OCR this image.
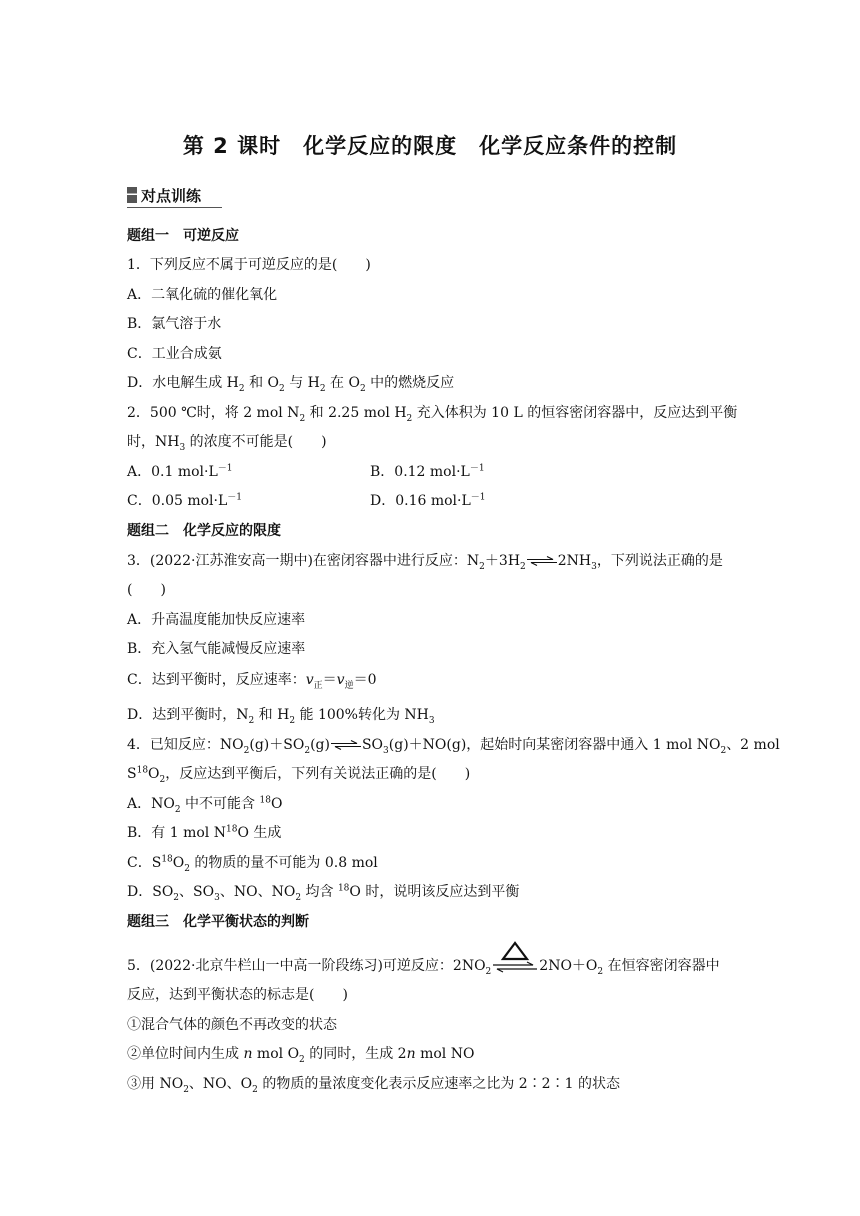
第 2 课时 化学反应的限度 化学反应条件的控制
对点训练
题组一　可逆反应
1．下列反应不属于可逆反应的是(　　)
A．二氧化硫的催化氧化
B．氯气溶于水
C．工业合成氨
D．水电解生成 $H_2$ 和 $O_2$ 与 $H_2$ 在 $O_2$ 中的燃烧反应
2．500 ℃时，将 2 mol $N_2$ 和 2.25 mol $H_2$ 充入体积为 10 L 的恒容密闭容器中，反应达到平衡
时，$NH_3$ 的浓度不可能是(　　)
A．0.1 $mol\cdot L^{-1}$	B．0.12 $mol\cdot L^{-1}$
C．0.05 $mol\cdot L^{-1}$	D．0.16 $mol\cdot L^{-1}$
题组二　化学反应的限度
3．(2022·江苏淮安高一期中)在密闭容器中进行反应：$N_2+3H_2$ $\rightleftharpoons 2NH_3$，下列说法正确的是
(　　)
A．升高温度能加快反应速率
B．充入氢气能减慢反应速率
C．达到平衡时，反应速率：$v_正=v_逆=0$
D．达到平衡时，$N_2$ 和 $H_2$ 能 100%转化为 $NH_3$
4．已知反应：$NO_2(g)+SO_2(g)\rightleftharpoons SO_3(g)+NO(g)$，起始时向某密闭容器中通入 1 mol $NO_2$、2 mol
$S^{18}O_2$，反应达到平衡后，下列有关说法正确的是(　　)
A．$NO_2$ 中不可能含 $^{18}$O
B．有 1 mol $N^{18}O$ 生成
C．$S^{18}O_2$ 的物质的量不可能为 0.8 mol
D．$SO_2$、$SO_3$、NO、$NO_2$ 均含 $^{18}$O 时，说明该反应达到平衡
题组三　化学平衡状态的判断
5．(2022·北京牛栏山一中高一阶段练习)可逆反应：$2NO_2$	$2NO+O_2$ 在恒容密闭容器中
反应，达到平衡状态的标志是(　　)
①混合气体的颜色不再改变的状态
②单位时间内生成 n mol $O_2$ 的同时，生成 2n mol NO
③用 $NO_2$、NO、$O_2$ 的物质的量浓度变化表示反应速率之比为 2∶2∶1 的状态
